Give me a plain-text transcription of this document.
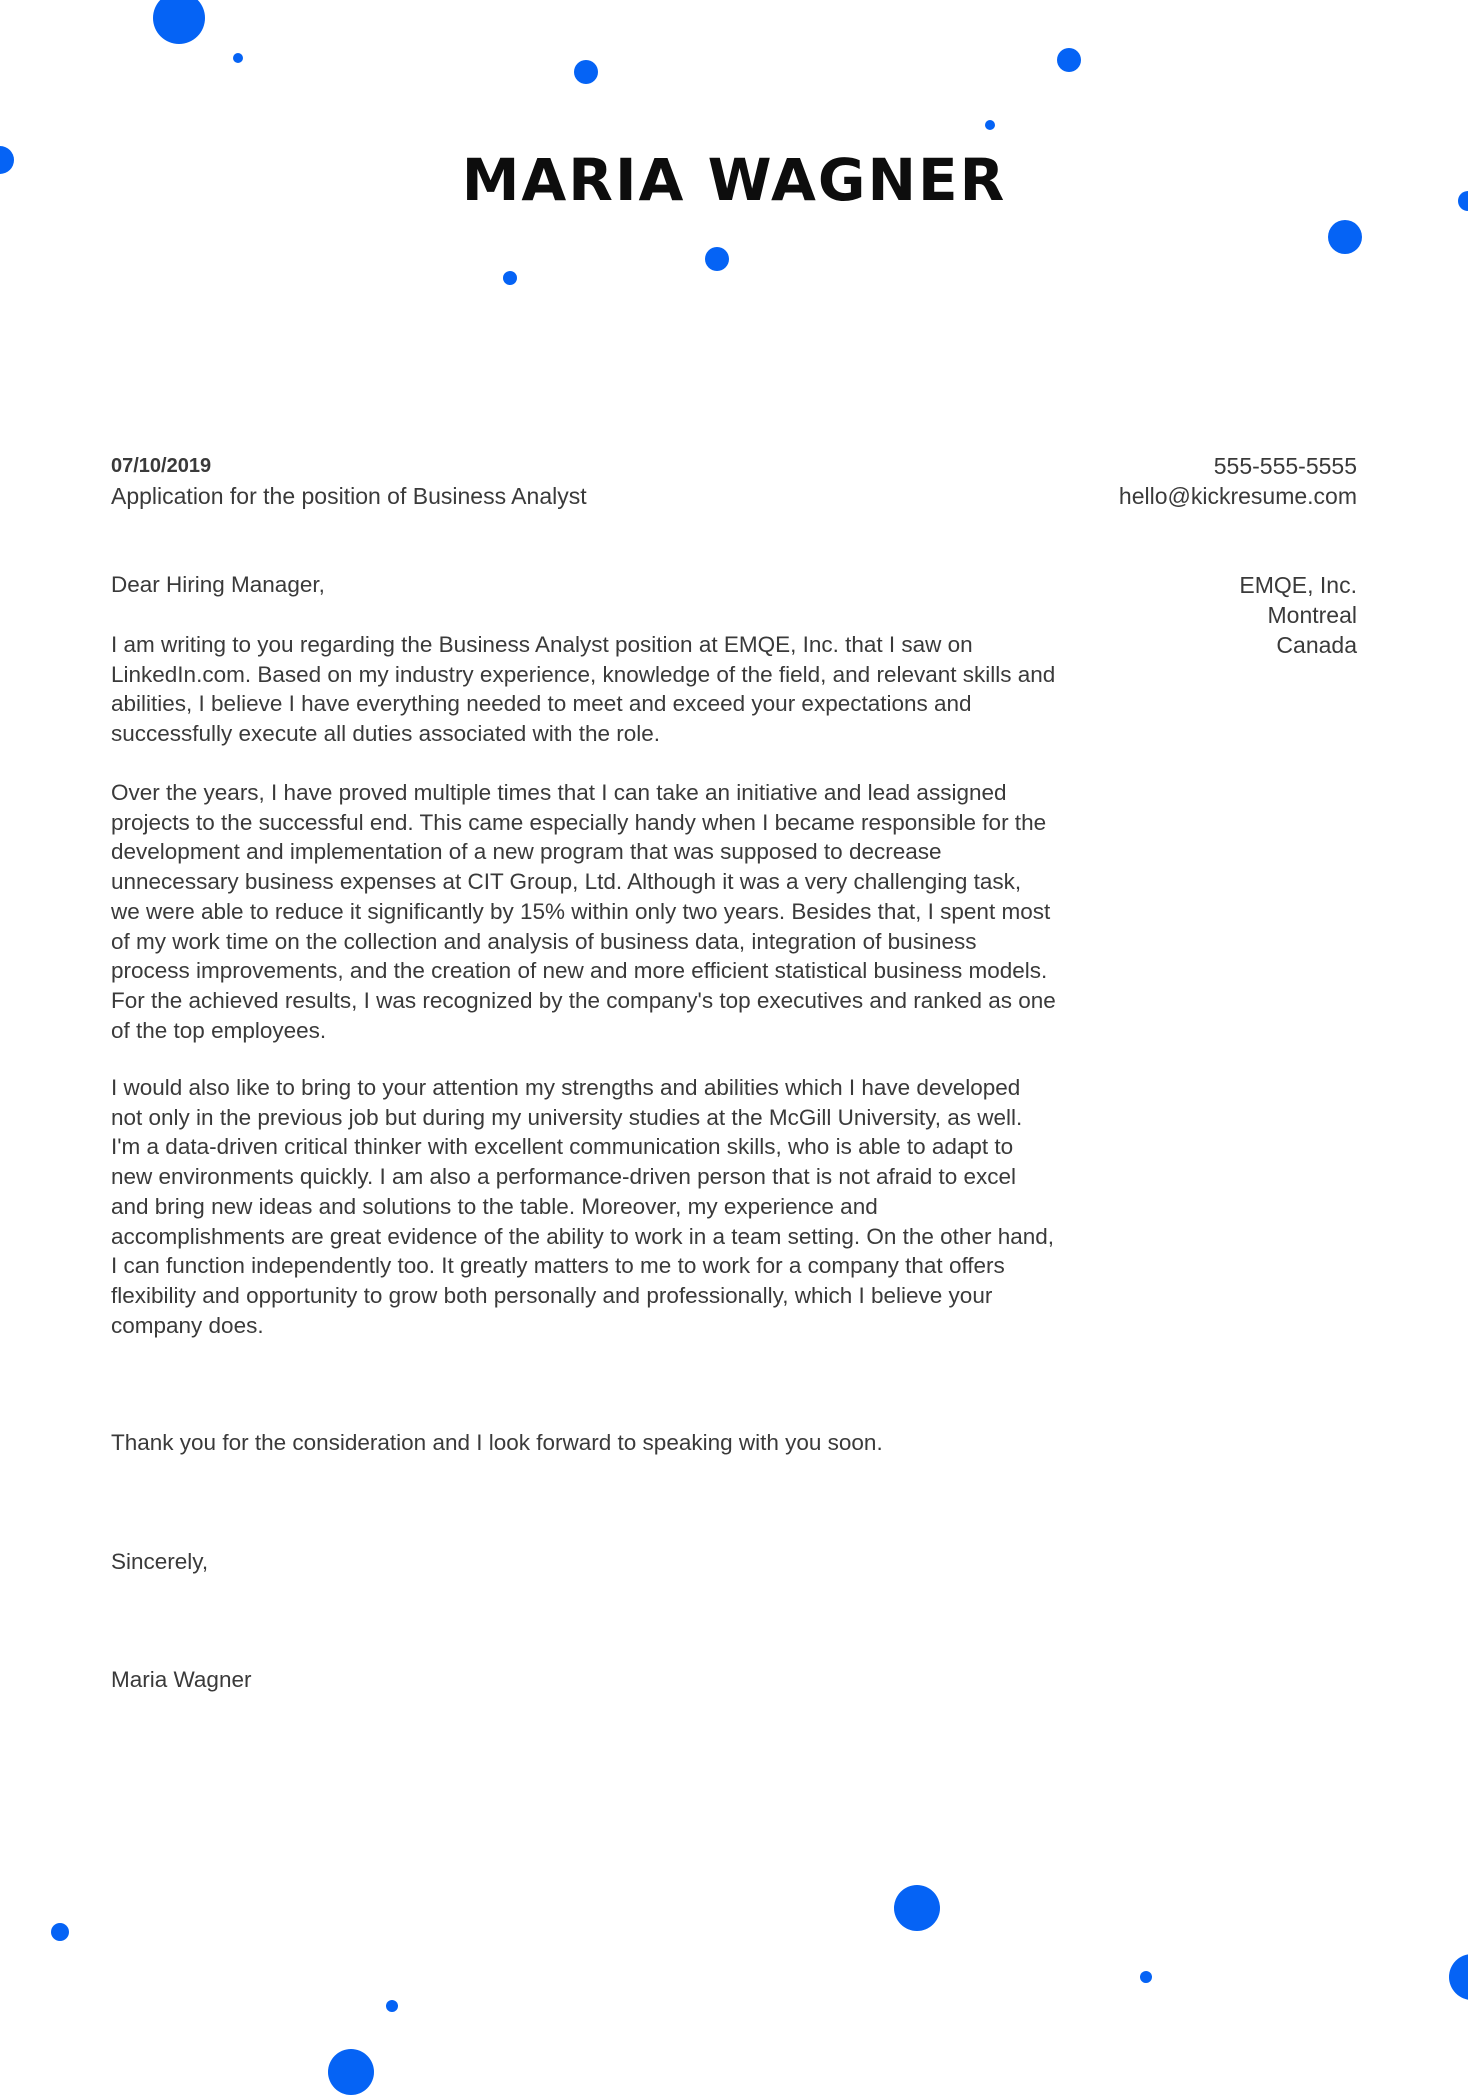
MARIA WAGNER
07/10/2019
Application for the position of Business Analyst
555-555-5555
hello@kickresume.com
EMQE, Inc.
Montreal
Canada

Dear Hiring Manager,

I am writing to you regarding the Business Analyst position at EMQE, Inc. that I saw on LinkedIn.com. Based on my industry experience, knowledge of the field, and relevant skills and abilities, I believe I have everything needed to meet and exceed your expectations and successfully execute all duties associated with the role.

Over the years, I have proved multiple times that I can take an initiative and lead assigned projects to the successful end. This came especially handy when I became responsible for the development and implementation of a new program that was supposed to decrease unnecessary business expenses at CIT Group, Ltd. Although it was a very challenging task, we were able to reduce it significantly by 15% within only two years. Besides that, I spent most of my work time on the collection and analysis of business data, integration of business process improvements, and the creation of new and more efficient statistical business models. For the achieved results, I was recognized by the company's top executives and ranked as one of the top employees.

I would also like to bring to your attention my strengths and abilities which I have developed not only in the previous job but during my university studies at the McGill University, as well. I'm a data-driven critical thinker with excellent communication skills, who is able to adapt to new environments quickly. I am also a performance-driven person that is not afraid to excel and bring new ideas and solutions to the table. Moreover, my experience and accomplishments are great evidence of the ability to work in a team setting. On the other hand, I can function independently too. It greatly matters to me to work for a company that offers flexibility and opportunity to grow both personally and professionally, which I believe your company does.

Thank you for the consideration and I look forward to speaking with you soon.

Sincerely,

Maria Wagner
